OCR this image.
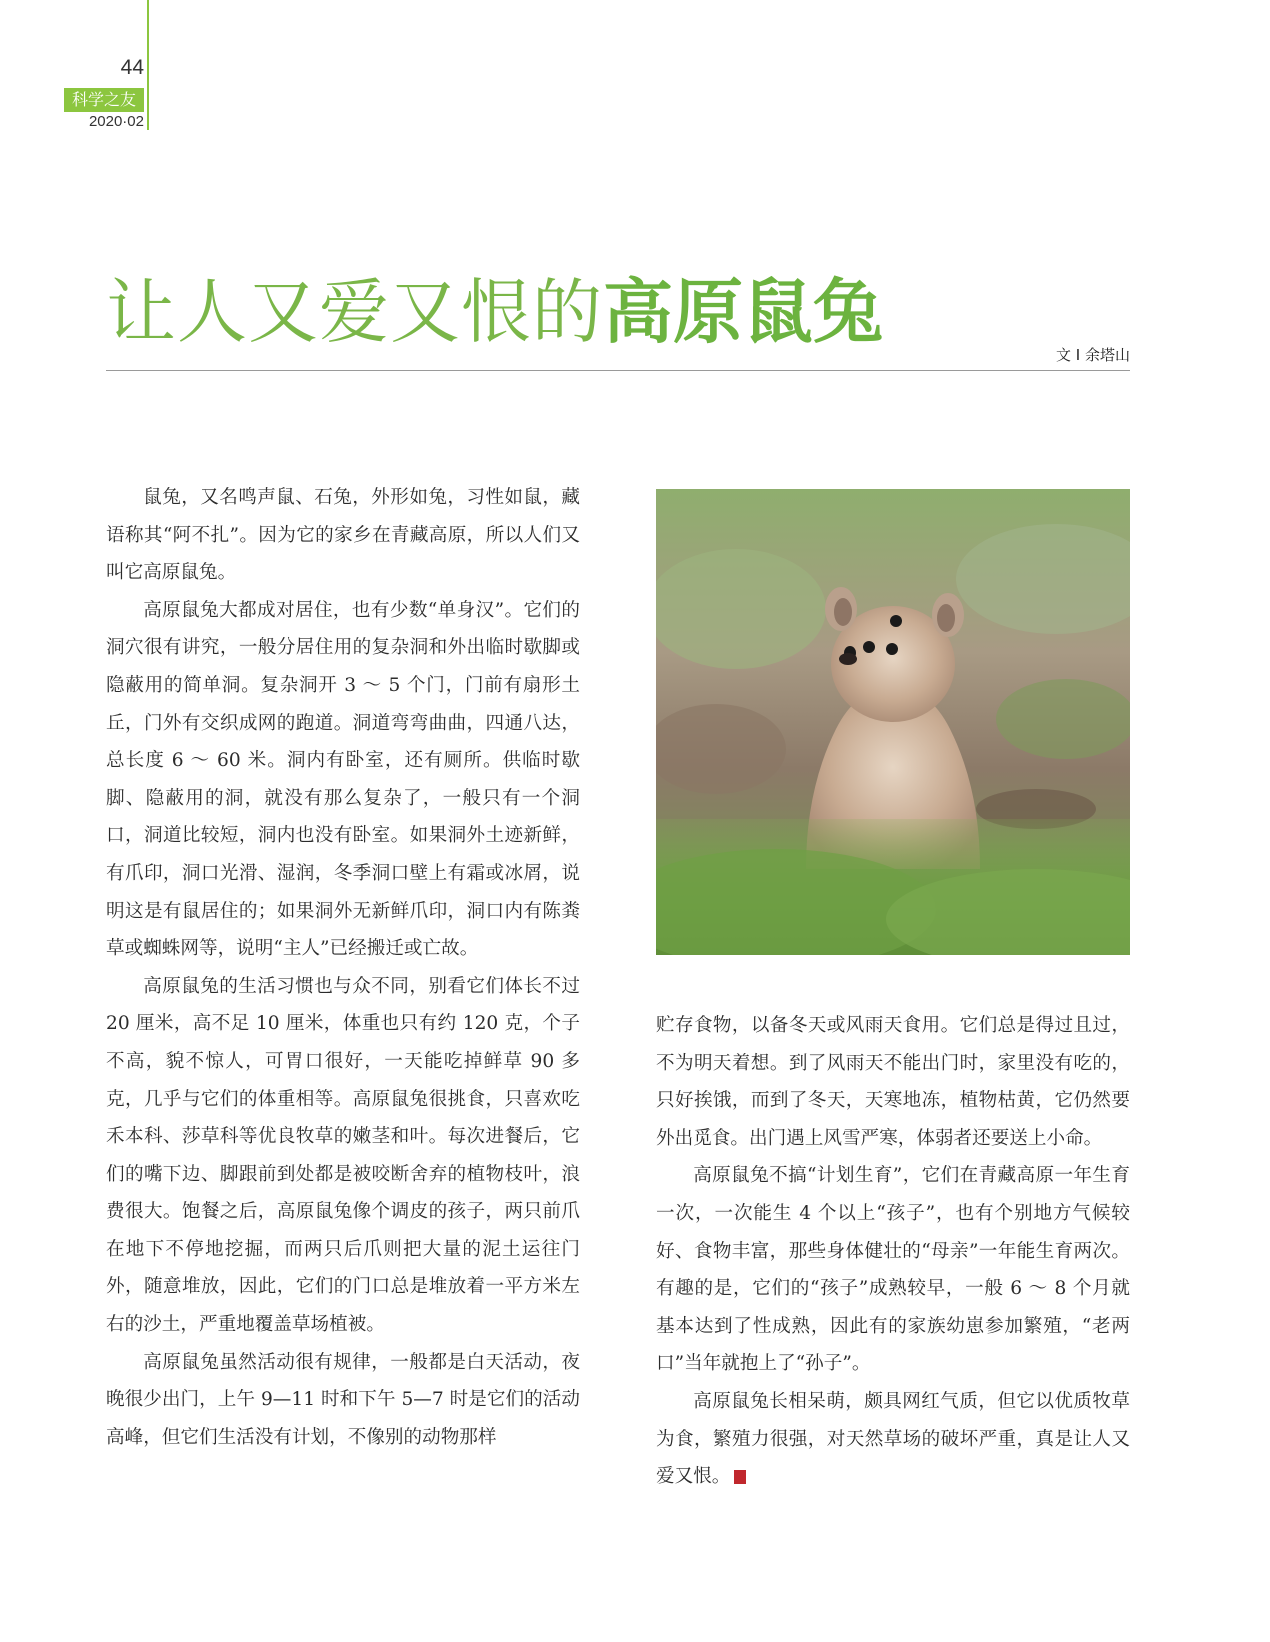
44
科学之友
2020·02
让人又爱又恨的高原鼠兔
文 I 余塔山

鼠兔，又名鸣声鼠、石兔，外形如兔，习性如鼠，藏语称其“阿不扎”。因为它的家乡在青藏高原，所以人们又叫它高原鼠兔。

高原鼠兔大都成对居住，也有少数“单身汉”。它们的洞穴很有讲究，一般分居住用的复杂洞和外出临时歇脚或隐蔽用的简单洞。复杂洞开 3 ～ 5 个门，门前有扇形土丘，门外有交织成网的跑道。洞道弯弯曲曲，四通八达，总长度 6 ～ 60 米。洞内有卧室，还有厕所。供临时歇脚、隐蔽用的洞，就没有那么复杂了，一般只有一个洞口，洞道比较短，洞内也没有卧室。如果洞外土迹新鲜，有爪印，洞口光滑、湿润，冬季洞口壁上有霜或冰屑，说明这是有鼠居住的；如果洞外无新鲜爪印，洞口内有陈粪草或蜘蛛网等，说明“主人”已经搬迁或亡故。

高原鼠兔的生活习惯也与众不同，别看它们体长不过 20 厘米，高不足 10 厘米，体重也只有约 120 克，个子不高，貌不惊人，可胃口很好，一天能吃掉鲜草 90 多克，几乎与它们的体重相等。高原鼠兔很挑食，只喜欢吃禾本科、莎草科等优良牧草的嫩茎和叶。每次进餐后，它们的嘴下边、脚跟前到处都是被咬断舍弃的植物枝叶，浪费很大。饱餐之后，高原鼠兔像个调皮的孩子，两只前爪在地下不停地挖掘，而两只后爪则把大量的泥土运往门外，随意堆放，因此，它们的门口总是堆放着一平方米左右的沙土，严重地覆盖草场植被。

高原鼠兔虽然活动很有规律，一般都是白天活动，夜晚很少出门，上午 9—11 时和下午 5—7 时是它们的活动高峰，但它们生活没有计划，不像别的动物那样

贮存食物，以备冬天或风雨天食用。它们总是得过且过，不为明天着想。到了风雨天不能出门时，家里没有吃的，只好挨饿，而到了冬天，天寒地冻，植物枯黄，它仍然要外出觅食。出门遇上风雪严寒，体弱者还要送上小命。

高原鼠兔不搞“计划生育”，它们在青藏高原一年生育一次，一次能生 4 个以上“孩子”，也有个别地方气候较好、食物丰富，那些身体健壮的“母亲”一年能生育两次。有趣的是，它们的“孩子”成熟较早，一般 6 ～ 8 个月就基本达到了性成熟，因此有的家族幼崽参加繁殖，“老两口”当年就抱上了“孙子”。

高原鼠兔长相呆萌，颇具网红气质，但它以优质牧草为食，繁殖力很强，对天然草场的破坏严重，真是让人又爱又恨。	S
